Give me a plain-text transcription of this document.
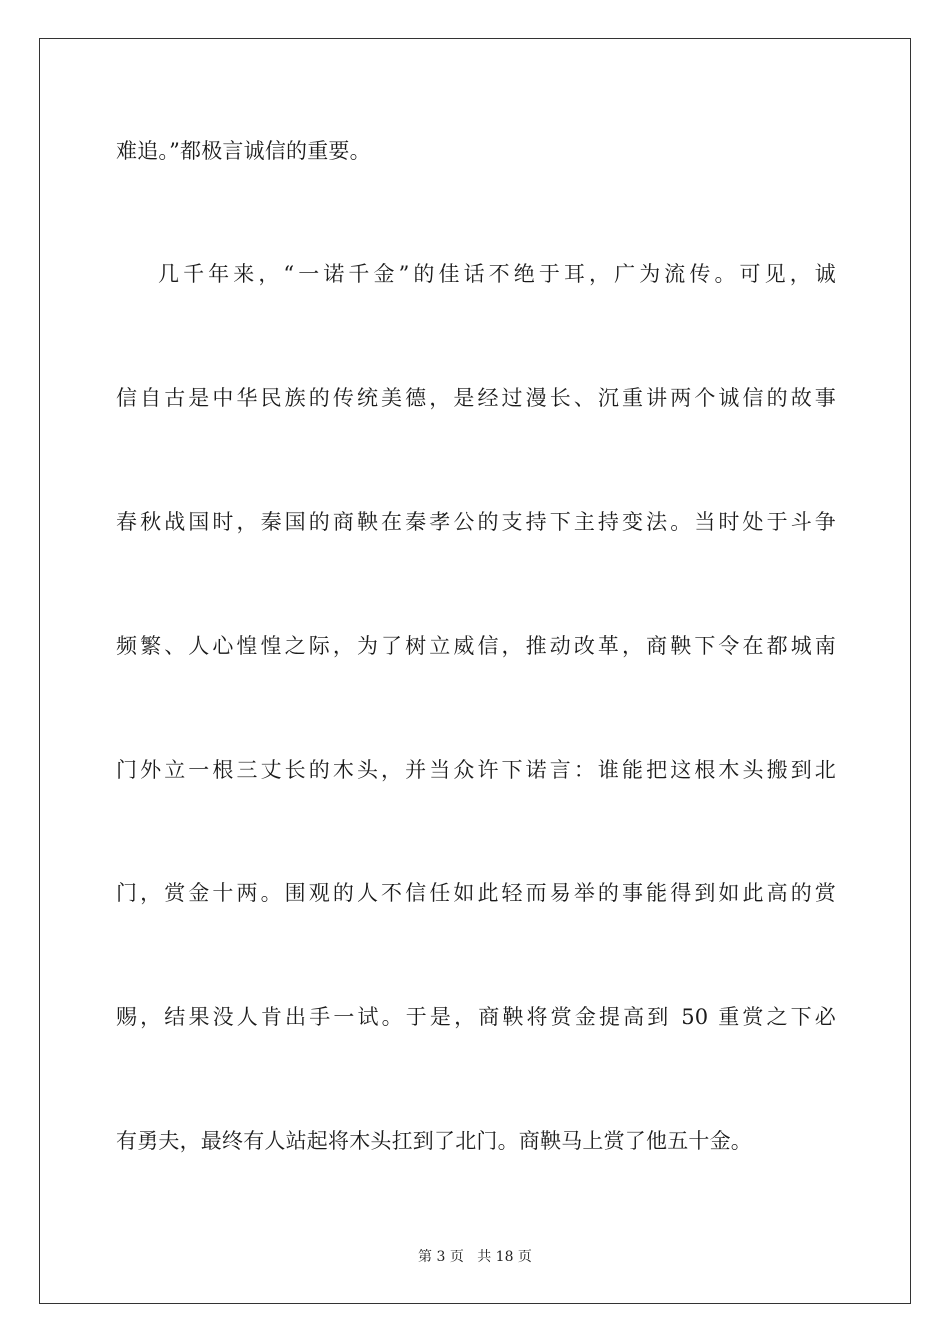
难追。”都极言诚信的重要。
几千年来，“一诺千金”的佳话不绝于耳，广为流传。可见，诚
信自古是中华民族的传统美德，是经过漫长、沉重讲两个诚信的故事
春秋战国时，秦国的商鞅在秦孝公的支持下主持变法。当时处于斗争
频繁、人心惶惶之际，为了树立威信，推动改革，商鞅下令在都城南
门外立一根三丈长的木头，并当众许下诺言：谁能把这根木头搬到北
门，赏金十两。围观的人不信任如此轻而易举的事能得到如此高的赏
赐，结果没人肯出手一试。于是，商鞅将赏金提高到 50 重赏之下必
有勇夫，最终有人站起将木头扛到了北门。商鞅马上赏了他五十金。
第 3 页 共 18 页
